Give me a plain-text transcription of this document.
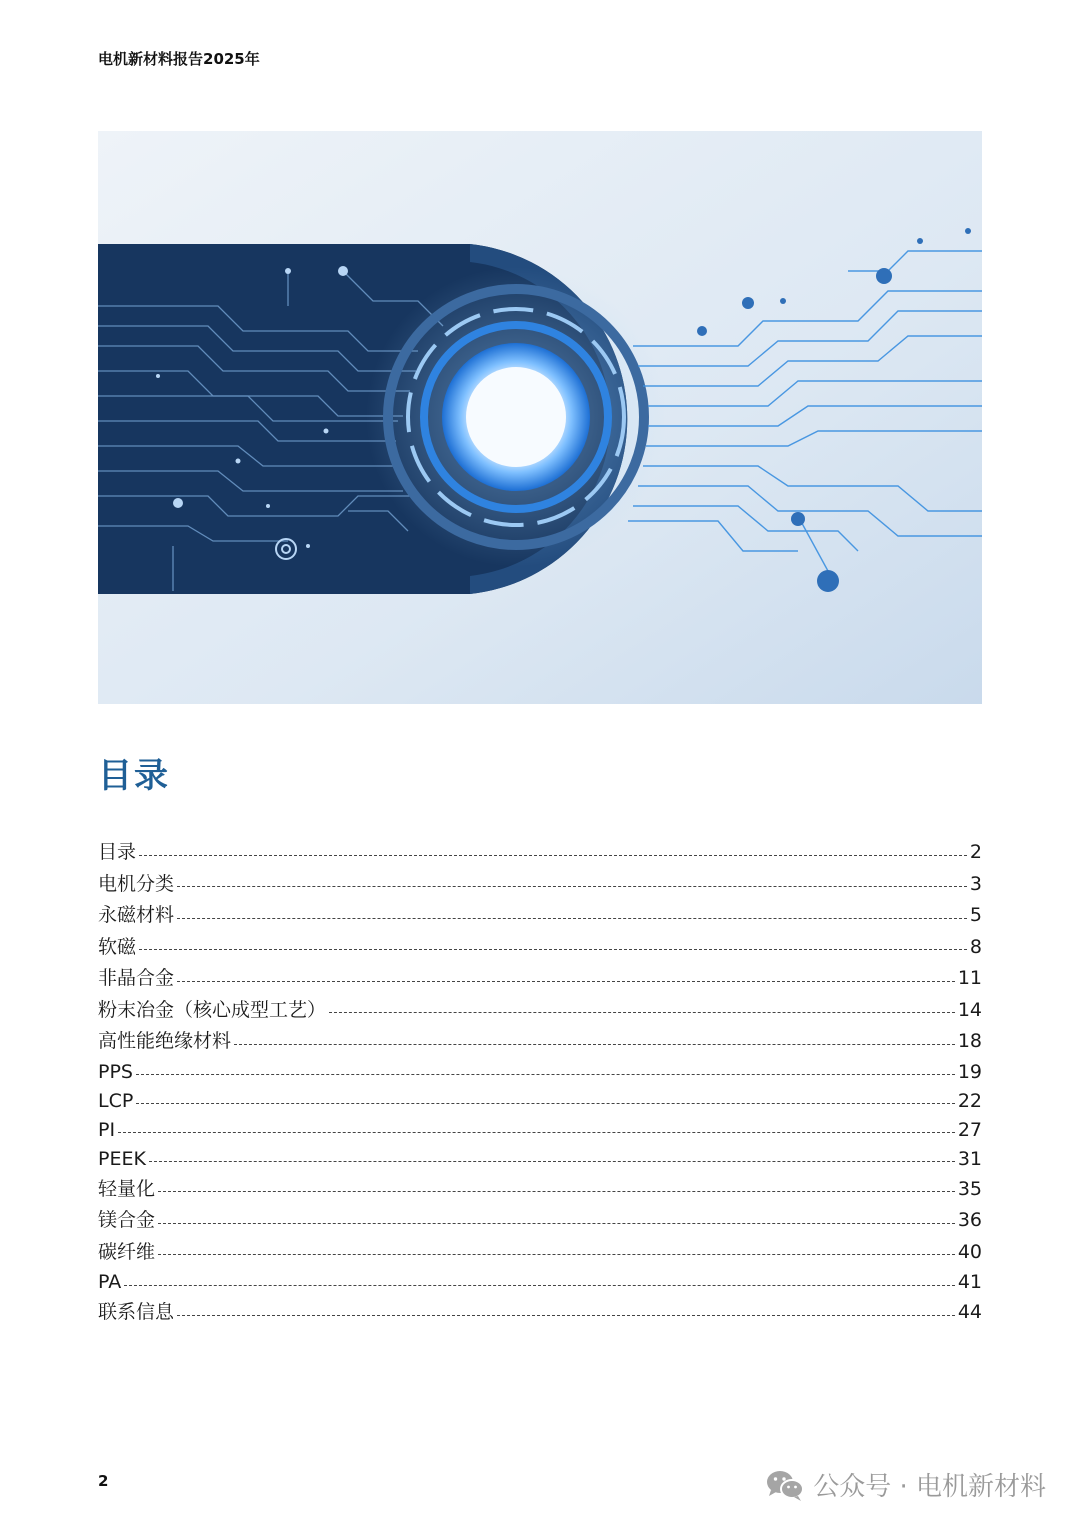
电机新材料报告2025年
目录
目录	2
电机分类	3
永磁材料	5
软磁	8
非晶合金	11
粉末冶金（核心成型工艺）	14
高性能绝缘材料	18
PPS	19
LCP	22
PI	27
PEEK	31
轻量化	35
镁合金	36
碳纤维	40
PA	41
联系信息	44
2	公众号 · 电机新材料
